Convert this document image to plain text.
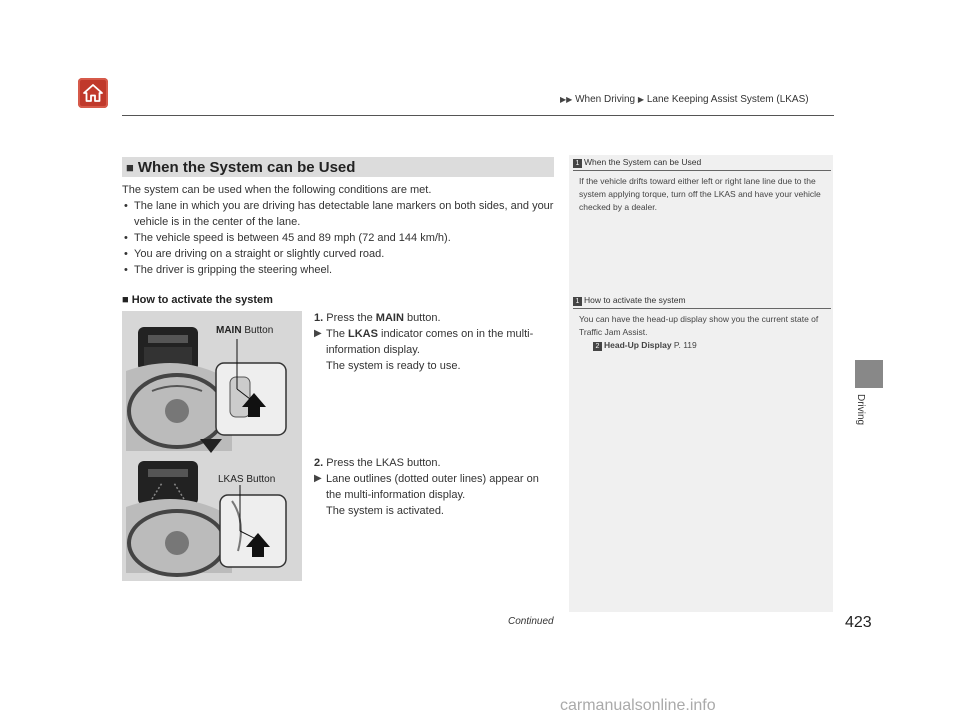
▶▶ When Driving ▶ Lane Keeping Assist System (LKAS)
Driving
■ When the System can be Used
The system can be used when the following conditions are met.
• The lane in which you are driving has detectable lane markers on both sides, and your vehicle is in the center of the lane.
• The vehicle speed is between 45 and 89 mph (72 and 144 km/h).
• You are driving on a straight or slightly curved road.
• The driver is gripping the steering wheel.
■ How to activate the system
MAIN Button
LKAS Button
1. Press the MAIN button.
▶ The LKAS indicator comes on in the multi-information display.
The system is ready to use.
2. Press the LKAS button.
▶ Lane outlines (dotted outer lines) appear on the multi-information display.
The system is activated.
1 When the System can be Used
If the vehicle drifts toward either left or right lane line due to the system applying torque, turn off the LKAS and have your vehicle checked by a dealer.
1 How to activate the system
You can have the head-up display show you the current state of Traffic Jam Assist.
2 Head-Up Display P. 119
Continued	423
carmanualsonline.info
